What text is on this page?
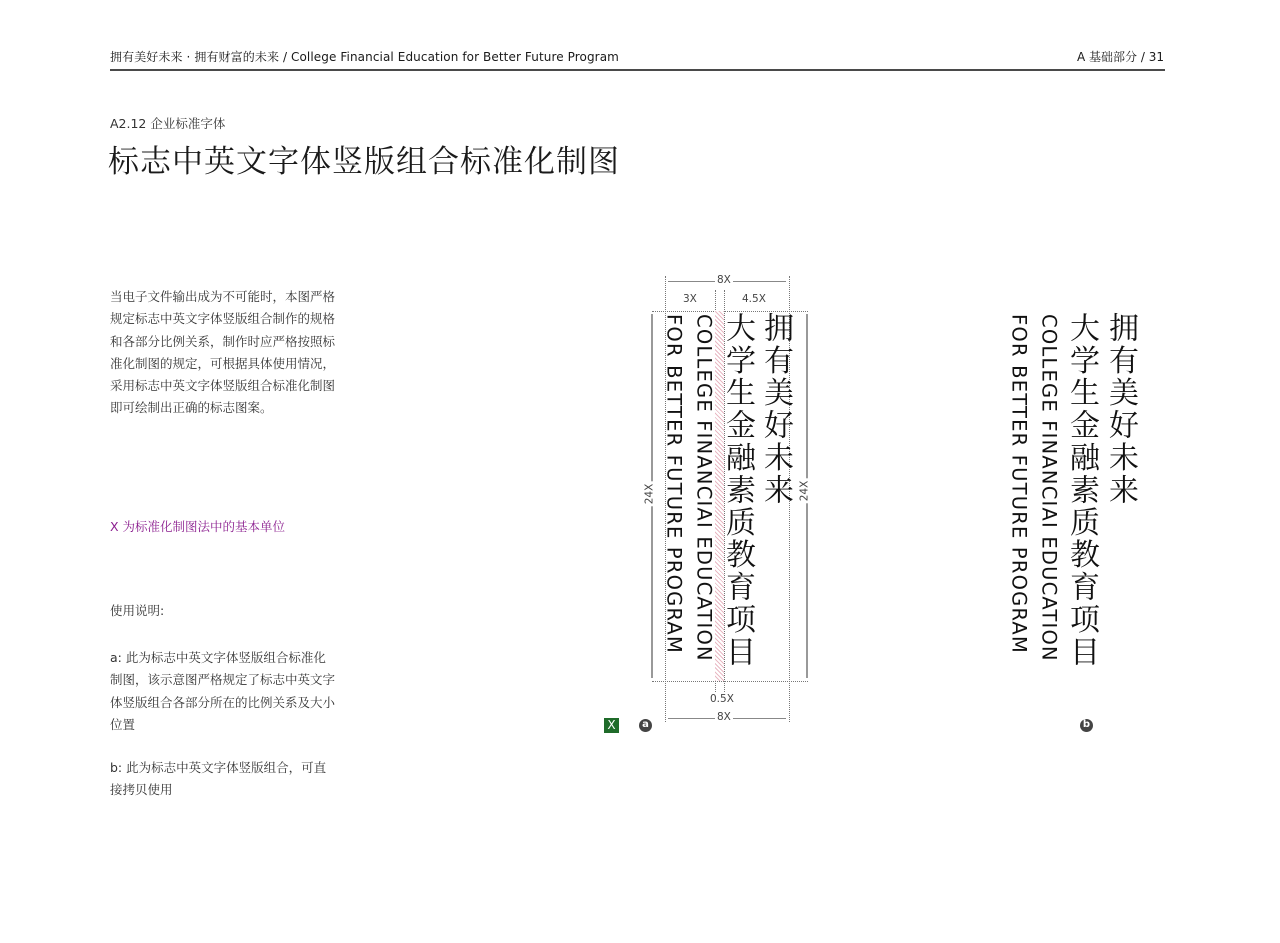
拥有美好未来 · 拥有财富的未来 / College Financial Education for Better Future Program	A 基础部分 / 31
A2.12 企业标准字体
标志中英文字体竖版组合标准化制图

当电子文件输出成为不可能时，本图严格

规定标志中英文字体竖版组合制作的规格

和各部分比例关系，制作时应严格按照标

准化制图的规定，可根据具体使用情况，

采用标志中英文字体竖版组合标准化制图

即可绘制出正确的标志图案。

X 为标准化制图法中的基本单位

使用说明:

a: 此为标志中英文字体竖版组合标准化

制图，该示意图严格规定了标志中英文字

体竖版组合各部分所在的比例关系及大小

位置

b: 此为标志中英文字体竖版组合，可直

接拷贝使用

8X
3X	4.5X
0.5X
8X
24X	24X
拥有美好未来
大学生金融素质教育项目
COLLEGE FINANCIAI EDUCATION
FOR BETTER FUTURE PROGRAM
X	a
拥有美好未来
大学生金融素质教育项目
COLLEGE FINANCIAI EDUCATION
FOR BETTER FUTURE PROGRAM
b
